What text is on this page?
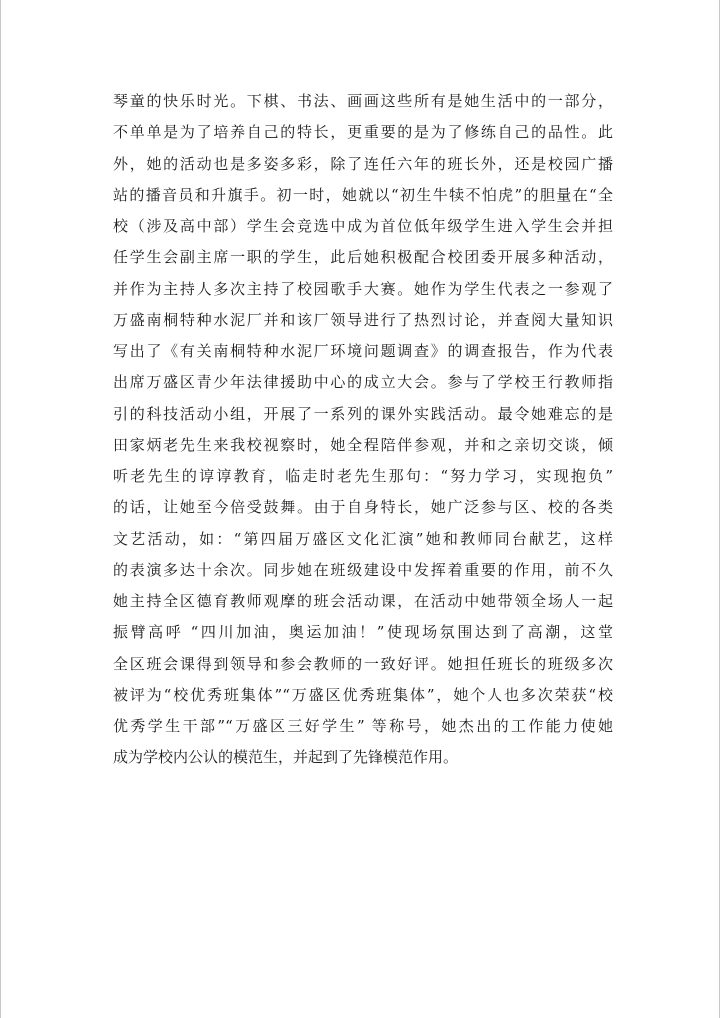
琴童的快乐时光。下棋、书法、画画这些所有是她生活中的一部分，
不单单是为了培养自己的特长，更重要的是为了修练自己的品性。此
外，她的活动也是多姿多彩，除了连任六年的班长外，还是校园广播
站的播音员和升旗手。初一时，她就以“初生牛犊不怕虎”的胆量在“全
校（涉及高中部）学生会竞选中成为首位低年级学生进入学生会并担
任学生会副主席一职的学生，此后她积极配合校团委开展多种活动，
并作为主持人多次主持了校园歌手大赛。她作为学生代表之一参观了
万盛南桐特种水泥厂并和该厂领导进行了热烈讨论，并查阅大量知识
写出了《有关南桐特种水泥厂环境问题调查》的调查报告，作为代表
出席万盛区青少年法律援助中心的成立大会。参与了学校王行教师指
引的科技活动小组，开展了一系列的课外实践活动。最令她难忘的是
田家炳老先生来我校视察时，她全程陪伴参观，并和之亲切交谈，倾
听老先生的谆谆教育，临走时老先生那句：“努力学习，实现抱负”
的话，让她至今倍受鼓舞。由于自身特长，她广泛参与区、校的各类
文艺活动，如：“第四届万盛区文化汇演”她和教师同台献艺，这样
的表演多达十余次。同步她在班级建设中发挥着重要的作用，前不久
她主持全区德育教师观摩的班会活动课，在活动中她带领全场人一起
振臂高呼 “四川加油，奥运加油！”使现场氛围达到了高潮，这堂
全区班会课得到领导和参会教师的一致好评。她担任班长的班级多次
被评为“校优秀班集体”“万盛区优秀班集体”，她个人也多次荣获“校
优秀学生干部”“万盛区三好学生” 等称号，她杰出的工作能力使她
成为学校内公认的模范生，并起到了先锋模范作用。
